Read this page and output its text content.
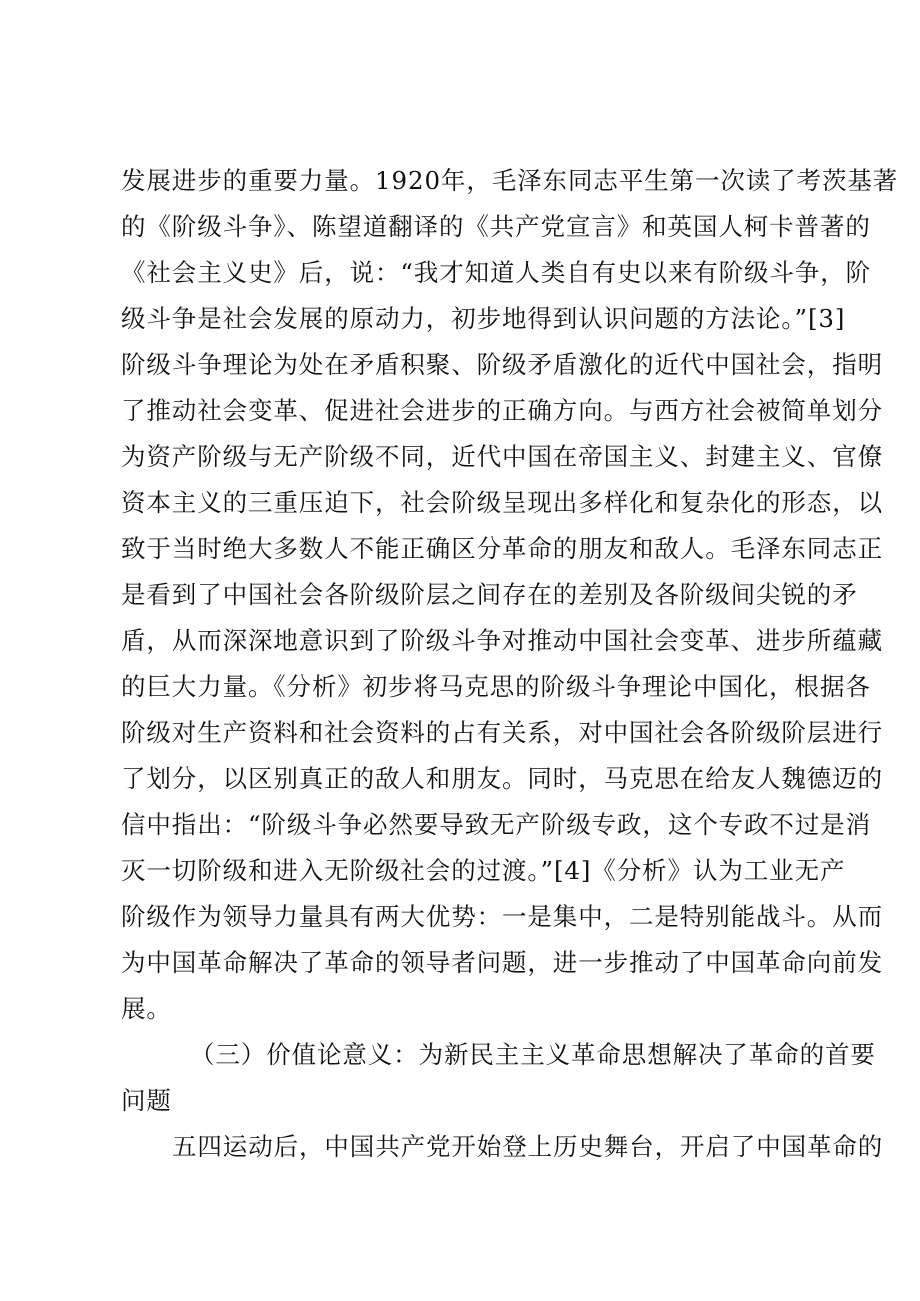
发展进步的重要力量。1920年，毛泽东同志平生第一次读了考茨基著
的《阶级斗争》、陈望道翻译的《共产党宣言》和英国人柯卡普著的
《社会主义史》后，说：“我才知道人类自有史以来有阶级斗争，阶
级斗争是社会发展的原动力，初步地得到认识问题的方法论。”[3]
阶级斗争理论为处在矛盾积聚、阶级矛盾激化的近代中国社会，指明
了推动社会变革、促进社会进步的正确方向。与西方社会被简单划分
为资产阶级与无产阶级不同，近代中国在帝国主义、封建主义、官僚
资本主义的三重压迫下，社会阶级呈现出多样化和复杂化的形态，以
致于当时绝大多数人不能正确区分革命的朋友和敌人。毛泽东同志正
是看到了中国社会各阶级阶层之间存在的差别及各阶级间尖锐的矛
盾，从而深深地意识到了阶级斗争对推动中国社会变革、进步所蕴藏
的巨大力量。《分析》初步将马克思的阶级斗争理论中国化，根据各
阶级对生产资料和社会资料的占有关系，对中国社会各阶级阶层进行
了划分，以区别真正的敌人和朋友。同时，马克思在给友人魏德迈的
信中指出：“阶级斗争必然要导致无产阶级专政，这个专政不过是消
灭一切阶级和进入无阶级社会的过渡。”[4]《分析》认为工业无产
阶级作为领导力量具有两大优势：一是集中，二是特别能战斗。从而
为中国革命解决了革命的领导者问题，进一步推动了中国革命向前发
展。
（三）价值论意义：为新民主主义革命思想解决了革命的首要
问题
五四运动后，中国共产党开始登上历史舞台，开启了中国革命的
